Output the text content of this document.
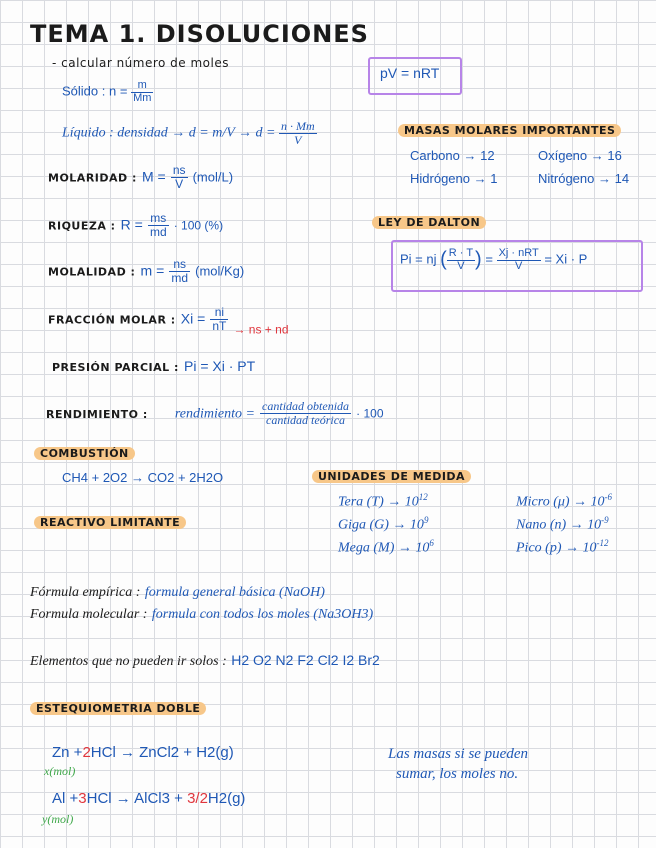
TEMA 1. DISOLUCIONES
- calcular número de moles
Sólido : $n = \frac{m}{Mm}$
pV = nRT
Líquido : densidad → $d = m/V \to d = \frac{n \cdot Mm}{V}$	MASAS MOLARES IMPORTANTES
Carbono → 12	Oxígeno → 16
Hidrógeno → 1	Nitrógeno → 14
MOLARIDAD : $M = \frac{ns}{V} (mol/L)$
RIQUEZA : $R = \frac{ms}{md} \cdot 100$ (%)	LEY DE DALTON
Pi = nj ( $\frac{R \cdot T}{V}$ ) = $\frac{\text{Xj · nRT}}{V} = Xi \cdot P$
MOLALIDAD : $m = \frac{ns}{md} (mol/Kg)$
FRACCIÓN MOLAR : $Xi = \frac{ni}{nT} _{\to ns + nd}$
PRESIÓN PARCIAL : Pi = Xi · PT
RENDIMIENTO : rendimiento = $\frac{\text{cantidad obtenida}}{\text{cantidad teórica}} \cdot 100$
COMBUSTIÓN
CH4 + 2O2 → CO2 + 2H2O	UNIDADES DE MEDIDA
Tera $(T) \to 10^{12}$	Micro $(\mu) \to 10^{-6}$
Giga $(G) \to 10^9$	Nano $(n) \to 10^{-9}$
Mega $(M) \to 10^6$	Pico $(p) \to 10^{-12}$
REACTIVO LIMITANTE
Fórmula empírica : formula general básica (NaOH)
Formula molecular : formula con todos los moles (Na3OH3)
Elementos que no pueden ir solos : H2 O2 N2 F2 Cl2 I2 Br2
ESTEQUIOMETRIA DOBLE
Zn +2HCl → ZnCl2 + H2(g)
x(mol)
Al +3HCl → AlCl3 + 3/2H2(g)
y(mol)
Las masas si se pueden
sumar, los moles no.
